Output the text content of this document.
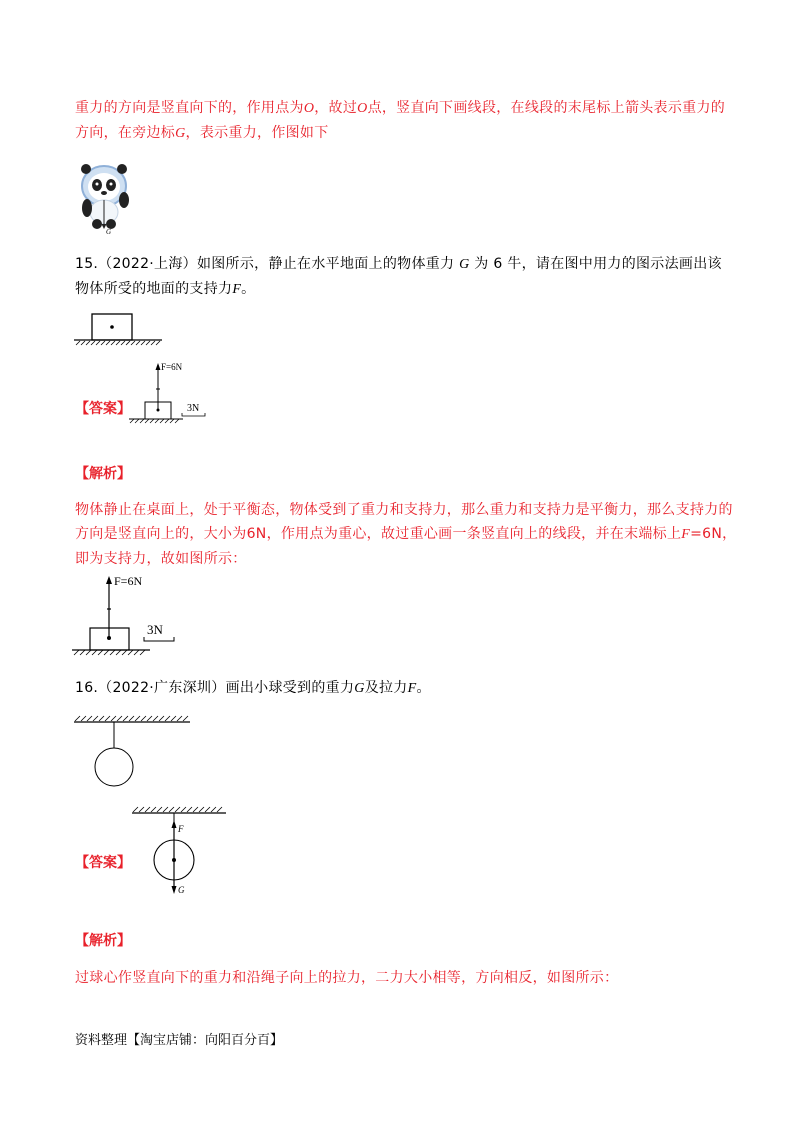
重力的方向是竖直向下的，作用点为O，故过O点，竖直向下画线段，在线段的末尾标上箭头表示重力的
方向，在旁边标G，表示重力，作图如下
G
15.（2022·上海）如图所示，静止在水平地面上的物体重力 G 为 6 牛，请在图中用力的图示法画出该
物体所受的地面的支持力F。
【答案】
F=6N
3N
【解析】
物体静止在桌面上，处于平衡态，物体受到了重力和支持力，那么重力和支持力是平衡力，那么支持力的
方向是竖直向上的，大小为6N，作用点为重心，故过重心画一条竖直向上的线段，并在末端标上F=6N，
即为支持力，故如图所示：
F=6N
3N
16.（2022·广东深圳）画出小球受到的重力G及拉力F。
【答案】
F
G
【解析】
过球心作竖直向下的重力和沿绳子向上的拉力，二力大小相等，方向相反，如图所示：
资料整理【淘宝店铺：向阳百分百】
